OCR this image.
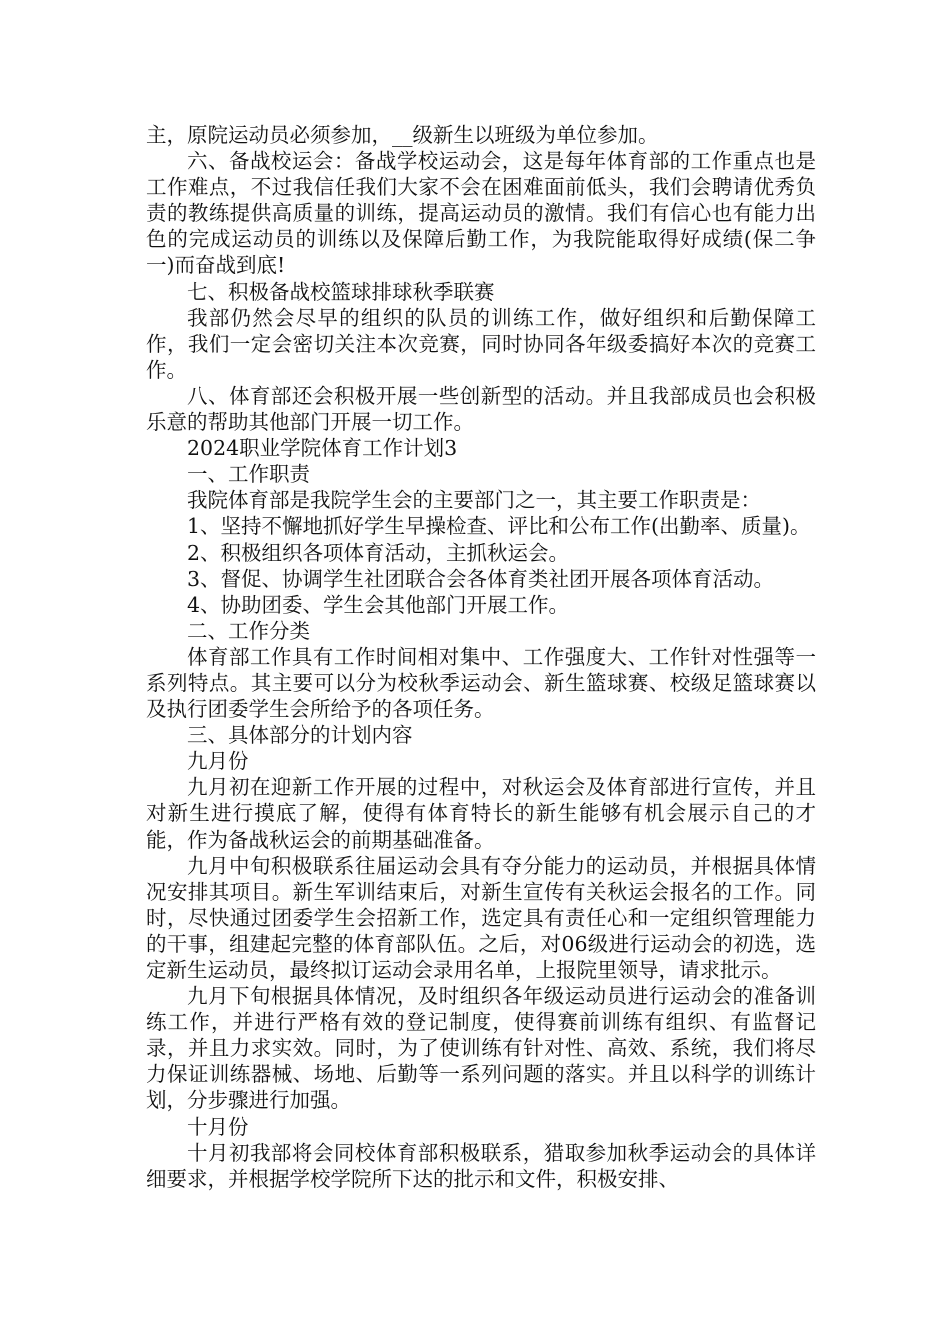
主，原院运动员必须参加，__级新生以班级为单位参加。

六、备战校运会：备战学校运动会，这是每年体育部的工作重点也是工作难点，不过我信任我们大家不会在困难面前低头，我们会聘请优秀负责的教练提供高质量的训练，提高运动员的激情。我们有信心也有能力出色的完成运动员的训练以及保障后勤工作，为我院能取得好成绩(保二争一)而奋战到底!

七、积极备战校篮球排球秋季联赛

我部仍然会尽早的组织的队员的训练工作，做好组织和后勤保障工作，我们一定会密切关注本次竞赛，同时协同各年级委搞好本次的竞赛工作。

八、体育部还会积极开展一些创新型的活动。并且我部成员也会积极乐意的帮助其他部门开展一切工作。

2024职业学院体育工作计划3

一、工作职责

我院体育部是我院学生会的主要部门之一，其主要工作职责是：

1、坚持不懈地抓好学生早操检查、评比和公布工作(出勤率、质量)。

2、积极组织各项体育活动，主抓秋运会。

3、督促、协调学生社团联合会各体育类社团开展各项体育活动。

4、协助团委、学生会其他部门开展工作。

二、工作分类

体育部工作具有工作时间相对集中、工作强度大、工作针对性强等一系列特点。其主要可以分为校秋季运动会、新生篮球赛、校级足篮球赛以及执行团委学生会所给予的各项任务。

三、具体部分的计划内容

九月份

九月初在迎新工作开展的过程中，对秋运会及体育部进行宣传，并且对新生进行摸底了解，使得有体育特长的新生能够有机会展示自己的才能，作为备战秋运会的前期基础准备。

九月中旬积极联系往届运动会具有夺分能力的运动员，并根据具体情况安排其项目。新生军训结束后，对新生宣传有关秋运会报名的工作。同时，尽快通过团委学生会招新工作，选定具有责任心和一定组织管理能力的干事，组建起完整的体育部队伍。之后，对06级进行运动会的初选，选定新生运动员，最终拟订运动会录用名单，上报院里领导，请求批示。

九月下旬根据具体情况，及时组织各年级运动员进行运动会的准备训练工作，并进行严格有效的登记制度，使得赛前训练有组织、有监督记录，并且力求实效。同时，为了使训练有针对性、高效、系统，我们将尽力保证训练器械、场地、后勤等一系列问题的落实。并且以科学的训练计划，分步骤进行加强。

十月份

十月初我部将会同校体育部积极联系，猎取参加秋季运动会的具体详细要求，并根据学校学院所下达的批示和文件，积极安排、
